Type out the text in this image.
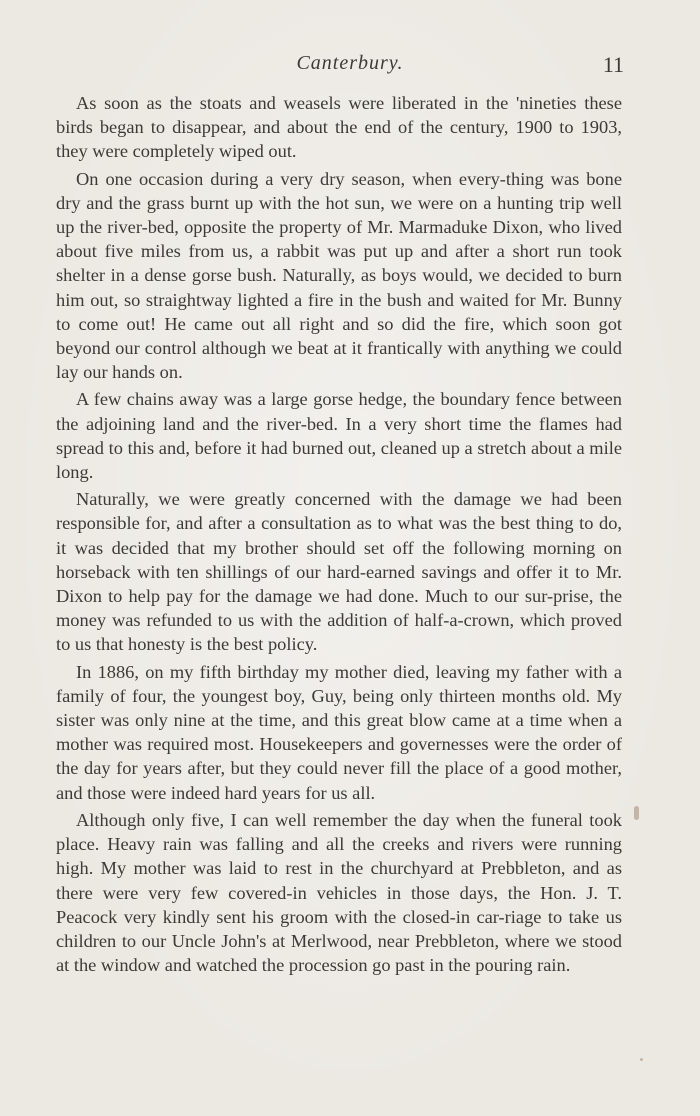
Canterbury.	11

As soon as the stoats and weasels were liberated in the 'nineties these birds began to disappear, and about the end of the century, 1900 to 1903, they were completely wiped out.

On one occasion during a very dry season, when every-thing was bone dry and the grass burnt up with the hot sun, we were on a hunting trip well up the river-bed, opposite the property of Mr. Marmaduke Dixon, who lived about five miles from us, a rabbit was put up and after a short run took shelter in a dense gorse bush. Naturally, as boys would, we decided to burn him out, so straightway lighted a fire in the bush and waited for Mr. Bunny to come out! He came out all right and so did the fire, which soon got beyond our control although we beat at it frantically with anything we could lay our hands on.

A few chains away was a large gorse hedge, the boundary fence between the adjoining land and the river-bed. In a very short time the flames had spread to this and, before it had burned out, cleaned up a stretch about a mile long.

Naturally, we were greatly concerned with the damage we had been responsible for, and after a consultation as to what was the best thing to do, it was decided that my brother should set off the following morning on horseback with ten shillings of our hard-earned savings and offer it to Mr. Dixon to help pay for the damage we had done. Much to our sur-prise, the money was refunded to us with the addition of half-a-crown, which proved to us that honesty is the best policy.

In 1886, on my fifth birthday my mother died, leaving my father with a family of four, the youngest boy, Guy, being only thirteen months old. My sister was only nine at the time, and this great blow came at a time when a mother was required most. Housekeepers and governesses were the order of the day for years after, but they could never fill the place of a good mother, and those were indeed hard years for us all.

Although only five, I can well remember the day when the funeral took place. Heavy rain was falling and all the creeks and rivers were running high. My mother was laid to rest in the churchyard at Prebbleton, and as there were very few covered-in vehicles in those days, the Hon. J. T. Peacock very kindly sent his groom with the closed-in car-riage to take us children to our Uncle John's at Merlwood, near Prebbleton, where we stood at the window and watched the procession go past in the pouring rain.
